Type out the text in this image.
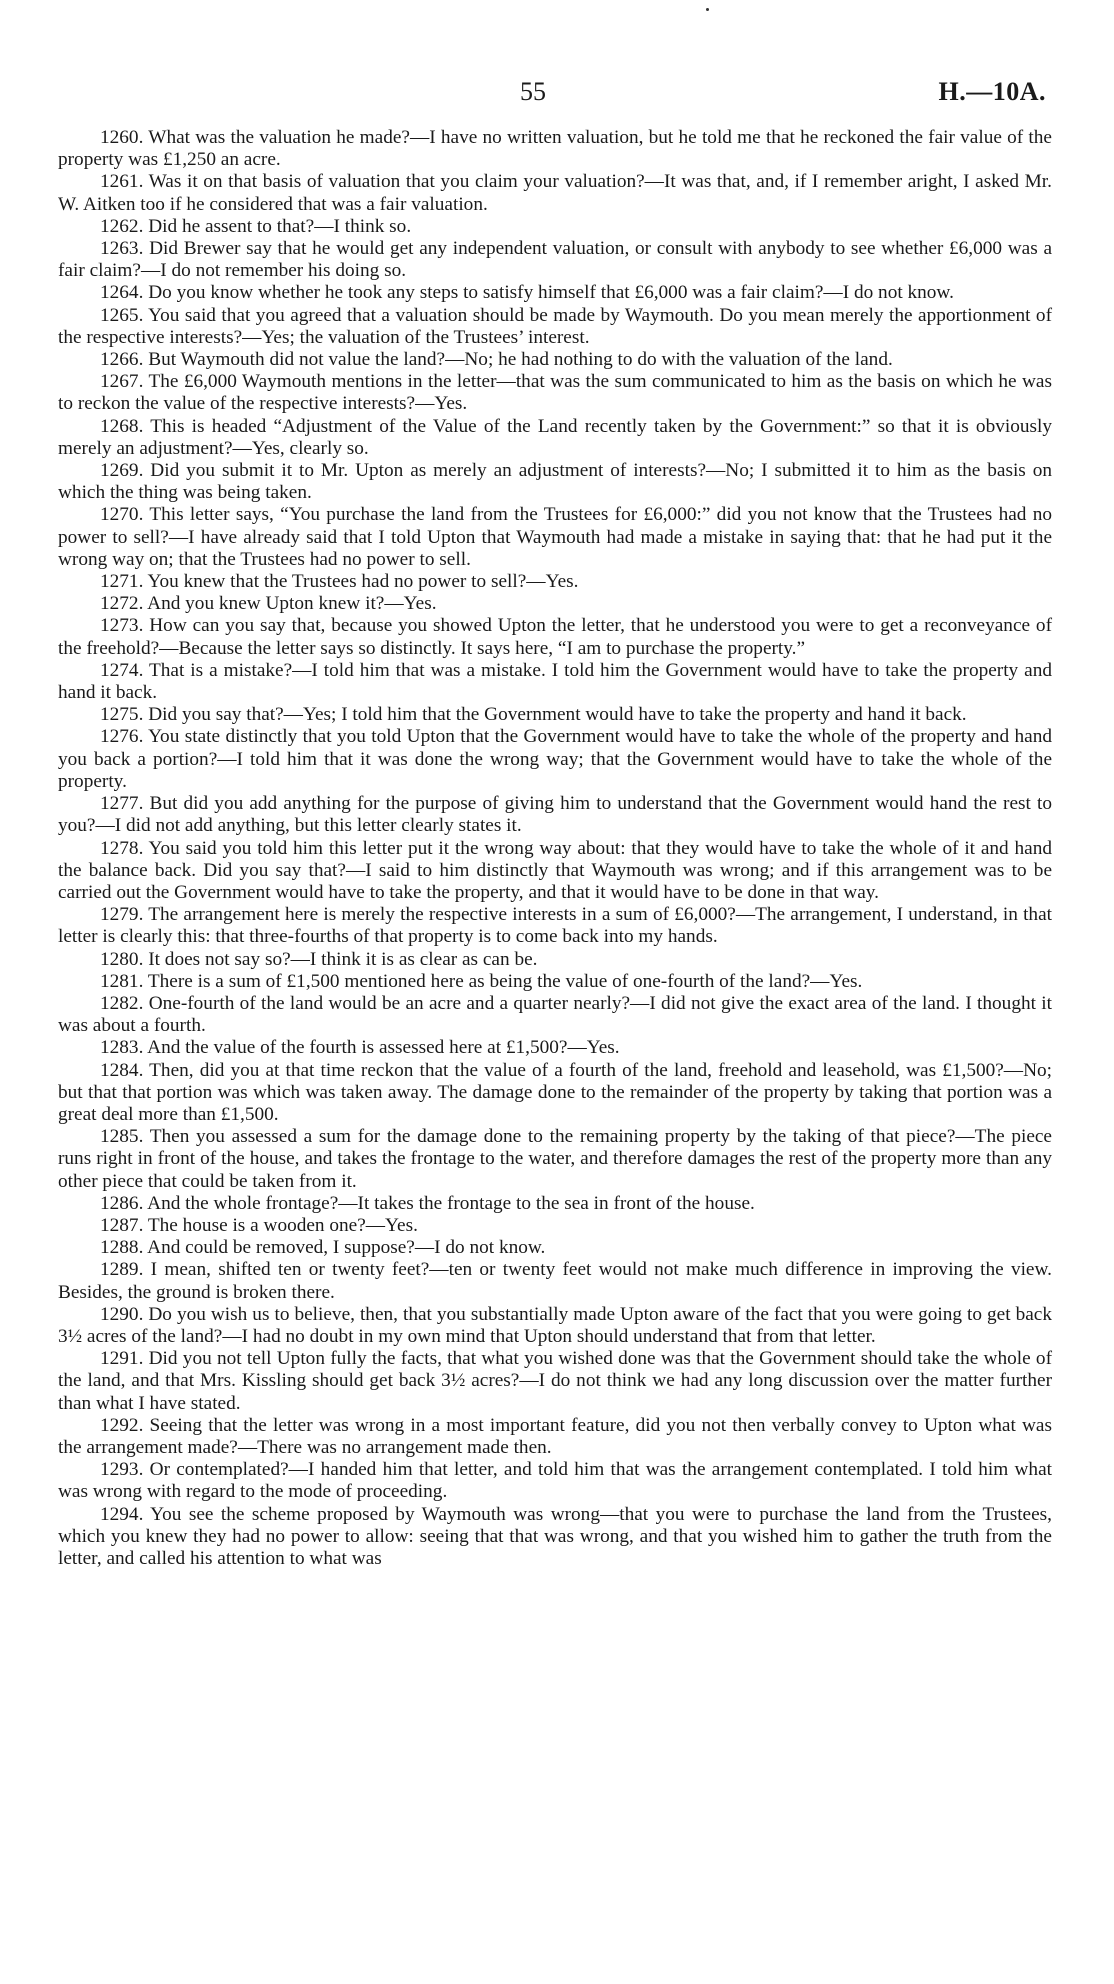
55	H.—10A.

1260. What was the valuation he made?—I have no written valuation, but he told me that he reckoned the fair value of the property was £1,250 an acre.

1261. Was it on that basis of valuation that you claim your valuation?—It was that, and, if I remember aright, I asked Mr. W. Aitken too if he considered that was a fair valuation.

1262. Did he assent to that?—I think so.

1263. Did Brewer say that he would get any independent valuation, or consult with anybody to see whether £6,000 was a fair claim?—I do not remember his doing so.

1264. Do you know whether he took any steps to satisfy himself that £6,000 was a fair claim?—I do not know.

1265. You said that you agreed that a valuation should be made by Waymouth. Do you mean merely the apportionment of the respective interests?—Yes; the valuation of the Trustees’ interest.

1266. But Waymouth did not value the land?—No; he had nothing to do with the valuation of the land.

1267. The £6,000 Waymouth mentions in the letter—that was the sum communicated to him as the basis on which he was to reckon the value of the respective interests?—Yes.

1268. This is headed “Adjustment of the Value of the Land recently taken by the Government:” so that it is obviously merely an adjustment?—Yes, clearly so.

1269. Did you submit it to Mr. Upton as merely an adjustment of interests?—No; I submitted it to him as the basis on which the thing was being taken.

1270. This letter says, “You purchase the land from the Trustees for £6,000:” did you not know that the Trustees had no power to sell?—I have already said that I told Upton that Waymouth had made a mistake in saying that: that he had put it the wrong way on; that the Trustees had no power to sell.

1271. You knew that the Trustees had no power to sell?—Yes.

1272. And you knew Upton knew it?—Yes.

1273. How can you say that, because you showed Upton the letter, that he understood you were to get a reconveyance of the freehold?—Because the letter says so distinctly. It says here, “I am to purchase the property.”

1274. That is a mistake?—I told him that was a mistake. I told him the Government would have to take the property and hand it back.

1275. Did you say that?—Yes; I told him that the Government would have to take the property and hand it back.

1276. You state distinctly that you told Upton that the Government would have to take the whole of the property and hand you back a portion?—I told him that it was done the wrong way; that the Government would have to take the whole of the property.

1277. But did you add anything for the purpose of giving him to understand that the Government would hand the rest to you?—I did not add anything, but this letter clearly states it.

1278. You said you told him this letter put it the wrong way about: that they would have to take the whole of it and hand the balance back. Did you say that?—I said to him distinctly that Waymouth was wrong; and if this arrangement was to be carried out the Government would have to take the property, and that it would have to be done in that way.

1279. The arrangement here is merely the respective interests in a sum of £6,000?—The arrangement, I understand, in that letter is clearly this: that three-fourths of that property is to come back into my hands.

1280. It does not say so?—I think it is as clear as can be.

1281. There is a sum of £1,500 mentioned here as being the value of one-fourth of the land?—Yes.

1282. One-fourth of the land would be an acre and a quarter nearly?—I did not give the exact area of the land. I thought it was about a fourth.

1283. And the value of the fourth is assessed here at £1,500?—Yes.

1284. Then, did you at that time reckon that the value of a fourth of the land, freehold and leasehold, was £1,500?—No; but that that portion was which was taken away. The damage done to the remainder of the property by taking that portion was a great deal more than £1,500.

1285. Then you assessed a sum for the damage done to the remaining property by the taking of that piece?—The piece runs right in front of the house, and takes the frontage to the water, and therefore damages the rest of the property more than any other piece that could be taken from it.

1286. And the whole frontage?—It takes the frontage to the sea in front of the house.

1287. The house is a wooden one?—Yes.

1288. And could be removed, I suppose?—I do not know.

1289. I mean, shifted ten or twenty feet?—ten or twenty feet would not make much difference in improving the view. Besides, the ground is broken there.

1290. Do you wish us to believe, then, that you substantially made Upton aware of the fact that you were going to get back 3½ acres of the land?—I had no doubt in my own mind that Upton should understand that from that letter.

1291. Did you not tell Upton fully the facts, that what you wished done was that the Government should take the whole of the land, and that Mrs. Kissling should get back 3½ acres?—I do not think we had any long discussion over the matter further than what I have stated.

1292. Seeing that the letter was wrong in a most important feature, did you not then verbally convey to Upton what was the arrangement made?—There was no arrangement made then.

1293. Or contemplated?—I handed him that letter, and told him that was the arrangement contemplated. I told him what was wrong with regard to the mode of proceeding.

1294. You see the scheme proposed by Waymouth was wrong—that you were to purchase the land from the Trustees, which you knew they had no power to allow: seeing that that was wrong, and that you wished him to gather the truth from the letter, and called his attention to what was
